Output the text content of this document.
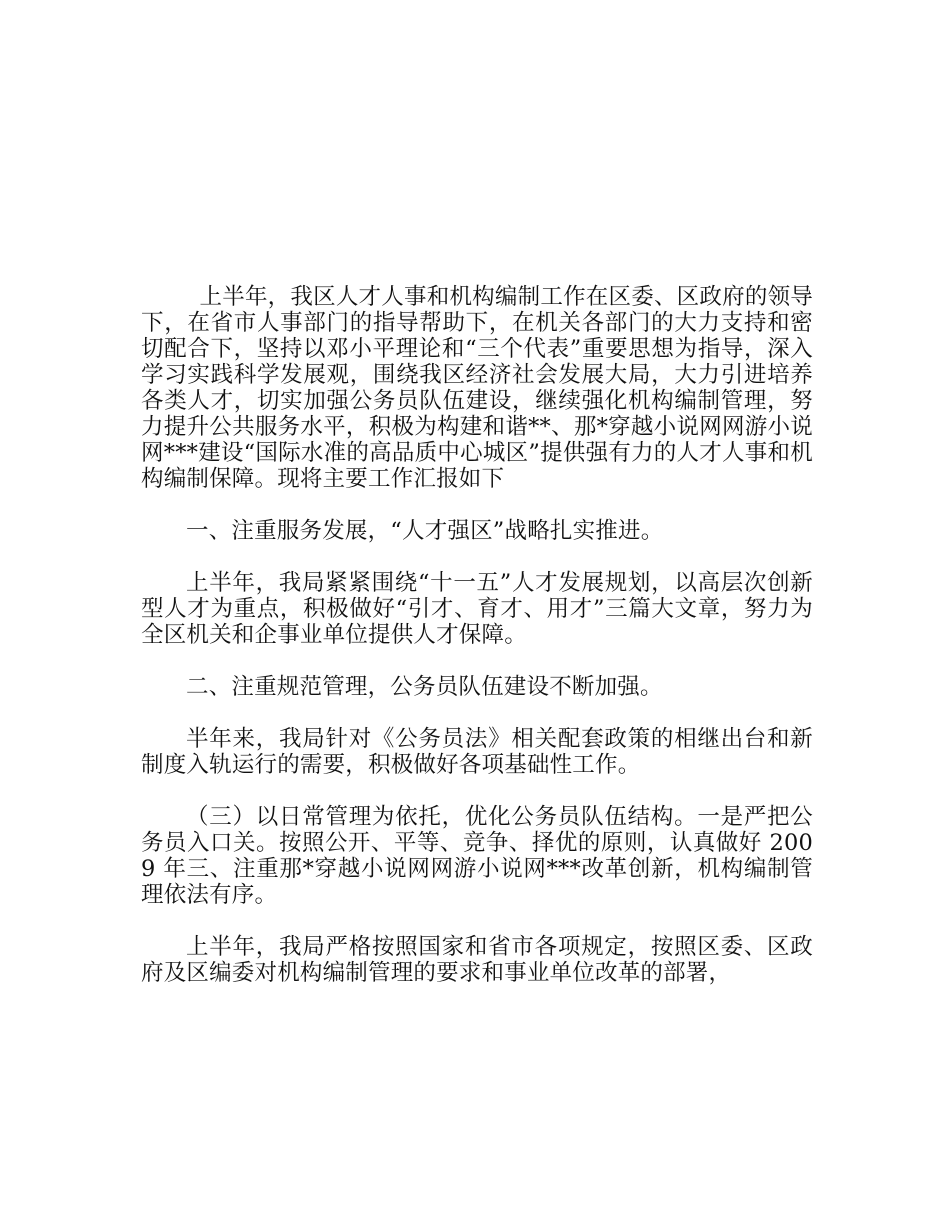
上半年，我区人才人事和机构编制工作在区委、区政府的领导下，在省市人事部门的指导帮助下，在机关各部门的大力支持和密切配合下，坚持以邓小平理论和“三个代表”重要思想为指导，深入学习实践科学发展观，围绕我区经济社会发展大局，大力引进培养各类人才，切实加强公务员队伍建设，继续强化机构编制管理，努力提升公共服务水平，积极为构建和谐**、那*穿越小说网网游小说网***建设“国际水准的高品质中心城区”提供强有力的人才人事和机构编制保障。现将主要工作汇报如下

一、注重服务发展，“人才强区”战略扎实推进。

上半年，我局紧紧围绕“十一五”人才发展规划，以高层次创新型人才为重点，积极做好“引才、育才、用才”三篇大文章，努力为全区机关和企事业单位提供人才保障。

二、注重规范管理，公务员队伍建设不断加强。

半年来，我局针对《公务员法》相关配套政策的相继出台和新制度入轨运行的需要，积极做好各项基础性工作。

（三）以日常管理为依托，优化公务员队伍结构。一是严把公务员入口关。按照公开、平等、竞争、择优的原则，认真做好 2009 年三、注重那*穿越小说网网游小说网***改革创新，机构编制管理依法有序。

上半年，我局严格按照国家和省市各项规定，按照区委、区政府及区编委对机构编制管理的要求和事业单位改革的部署，
